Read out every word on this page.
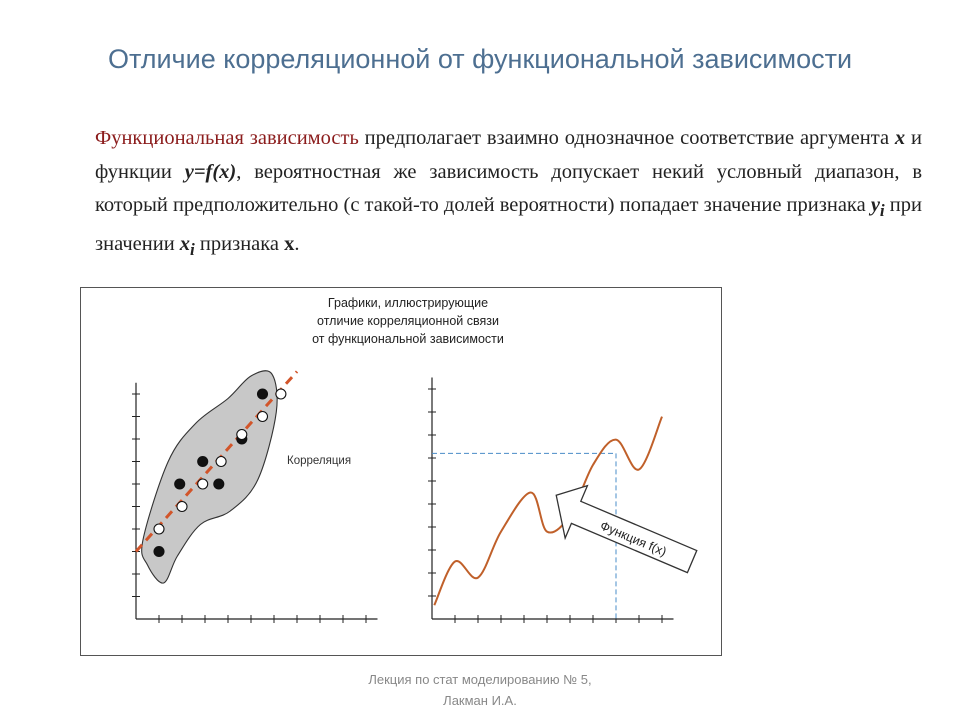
Отличие корреляционной от функциональной зависимости
Функциональная зависимость предполагает взаимно однозначное соответствие аргумента x и функции y=f(x), вероятностная же зависимость допускает некий условный диапазон, в который предположительно (с такой-то долей вероятности) попадает значение признака $y_i$ при значении $x_i$ признака x.
Графики, иллюстрирующие
отличие корреляционной связи
от функциональной зависимости
Корреляция
Функция f(x)
Лекция по стат моделированию № 5,
Лакман И.А.
